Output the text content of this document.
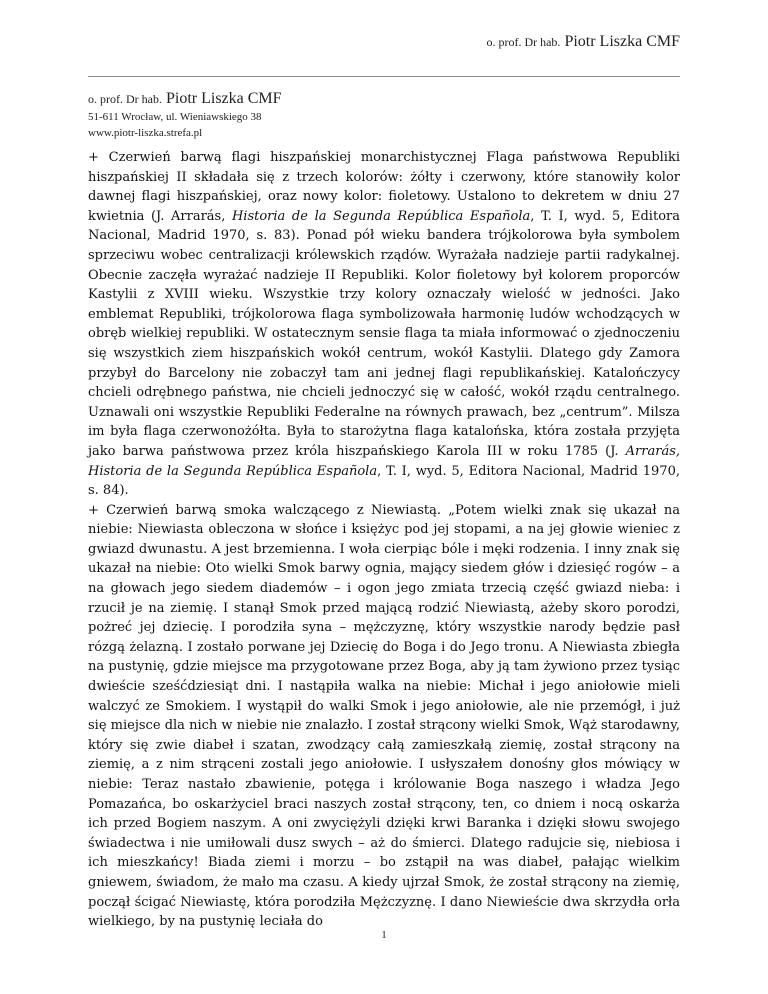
o. prof. Dr hab. Piotr Liszka CMF
o. prof. Dr hab. Piotr Liszka CMF
51-611 Wrocław, ul. Wieniawskiego 38
www.piotr-liszka.strefa.pl

+ Czerwień barwą flagi hiszpańskiej monarchistycznej Flaga państwowa Republiki hiszpańskiej II składała się z trzech kolorów: żółty i czerwony, które stanowiły kolor dawnej flagi hiszpańskiej, oraz nowy kolor: fioletowy. Ustalono to dekretem w dniu 27 kwietnia (J. Arrarás, Historia de la Segunda República Española, T. I, wyd. 5, Editora Nacional, Madrid 1970, s. 83). Ponad pół wieku bandera trójkolorowa była symbolem sprzeciwu wobec centralizacji królewskich rządów. Wyrażała nadzieje partii radykalnej. Obecnie zaczęła wyrażać nadzieje II Republiki. Kolor fioletowy był kolorem proporców Kastylii z XVIII wieku. Wszystkie trzy kolory oznaczały wielość w jedności. Jako emblemat Republiki, trójkolorowa flaga symbolizowała harmonię ludów wchodzących w obręb wielkiej republiki. W ostatecznym sensie flaga ta miała informować o zjednoczeniu się wszystkich ziem hiszpańskich wokół centrum, wokół Kastylii. Dlatego gdy Zamora przybył do Barcelony nie zobaczył tam ani jednej flagi republikańskiej. Katalończycy chcieli odrębnego państwa, nie chcieli jednoczyć się w całość, wokół rządu centralnego. Uznawali oni wszystkie Republiki Federalne na równych prawach, bez „centrum”. Milsza im była flaga czerwonożółta. Była to starożytna flaga katalońska, która została przyjęta jako barwa państwowa przez króla hiszpańskiego Karola III w roku 1785 (J. Arrarás, Historia de la Segunda República Española, T. I, wyd. 5, Editora Nacional, Madrid 1970, s. 84).

+ Czerwień barwą smoka walczącego z Niewiastą. „Potem wielki znak się ukazał na niebie: Niewiasta obleczona w słońce i księżyc pod jej stopami, a na jej głowie wieniec z gwiazd dwunastu. A jest brzemienna. I woła cierpiąc bóle i męki rodzenia. I inny znak się ukazał na niebie: Oto wielki Smok barwy ognia, mający siedem głów i dziesięć rogów – a na głowach jego siedem diademów – i ogon jego zmiata trzecią część gwiazd nieba: i rzucił je na ziemię. I stanął Smok przed mającą rodzić Niewiastą, ażeby skoro porodzi, pożreć jej dziecię. I porodziła syna – mężczyznę, który wszystkie narody będzie pasł rózgą żelazną. I zostało porwane jej Dziecię do Boga i do Jego tronu. A Niewiasta zbiegła na pustynię, gdzie miejsce ma przygotowane przez Boga, aby ją tam żywiono przez tysiąc dwieście sześćdziesiąt dni. I nastąpiła walka na niebie: Michał i jego aniołowie mieli walczyć ze Smokiem. I wystąpił do walki Smok i jego aniołowie, ale nie przemógł, i już się miejsce dla nich w niebie nie znalazło. I został strącony wielki Smok, Wąż starodawny, który się zwie diabeł i szatan, zwodzący całą zamieszkałą ziemię, został strącony na ziemię, a z nim strąceni zostali jego aniołowie. I usłyszałem donośny głos mówiący w niebie: Teraz nastało zbawienie, potęga i królowanie Boga naszego i władza Jego Pomazańca, bo oskarżyciel braci naszych został strącony, ten, co dniem i nocą oskarża ich przed Bogiem naszym. A oni zwyciężyli dzięki krwi Baranka i dzięki słowu swojego świadectwa i nie umiłowali dusz swych – aż do śmierci. Dlatego radujcie się, niebiosa i ich mieszkańcy! Biada ziemi i morzu – bo zstąpił na was diabeł, pałając wielkim gniewem, świadom, że mało ma czasu. A kiedy ujrzał Smok, że został strącony na ziemię, począł ścigać Niewiastę, która porodziła Mężczyznę. I dano Niewieście dwa skrzydła orła wielkiego, by na pustynię leciała do

1
